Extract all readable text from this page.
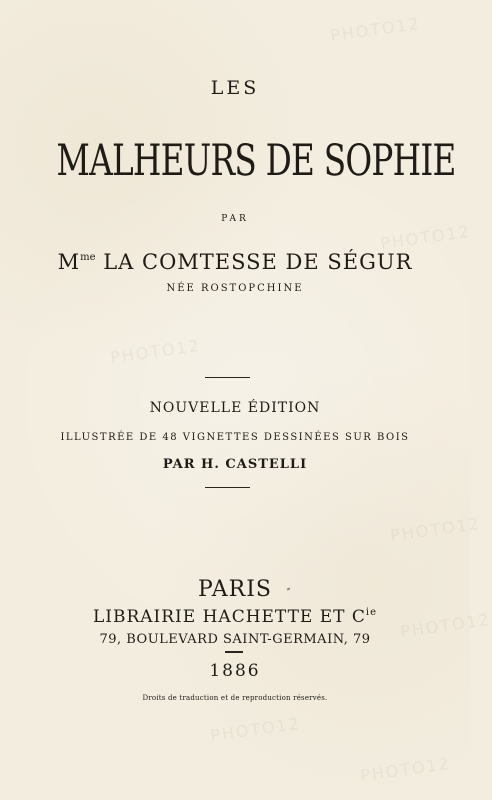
PHOTO12
PHOTO12
PHOTO12
PHOTO12
PHOTO12
PHOTO12
PHOTO12
LES
MALHEURS DE SOPHIE
PAR
$M^{me}$ LA COMTESSE DE SÉGUR
NÉE ROSTOPCHINE
NOUVELLE ÉDITION
ILLUSTRÉE DE 48 VIGNETTES DESSINÉES SUR BOIS
PAR H. CASTELLI
PARIS
LIBRAIRIE HACHETTE ET $C^{ie}$
79, BOULEVARD SAINT-GERMAIN, 79
1886
Droits de traduction et de reproduction réservés.
